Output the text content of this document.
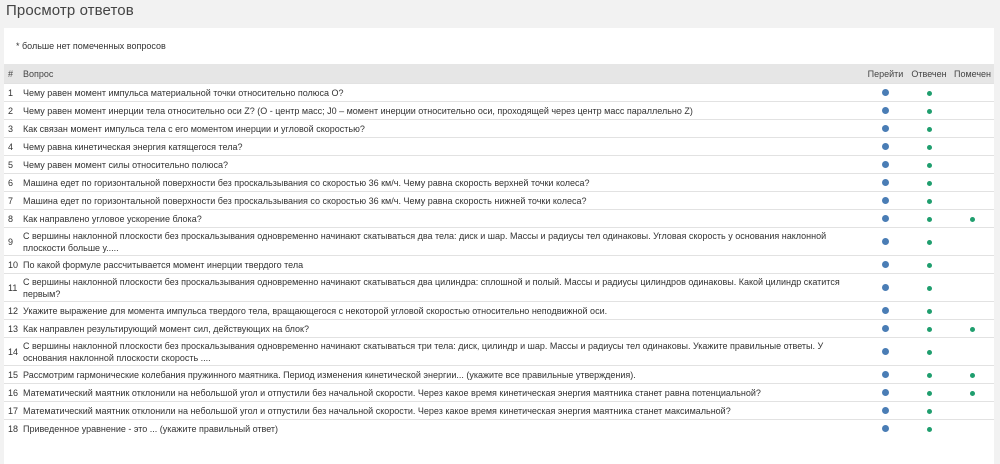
Просмотр ответов
* больше нет помеченных вопросов
#	Вопрос	Перейти	Отвечен	Помечен
1	Чему равен момент импульса материальной точки относительно полюса О?			
2	Чему равен момент инерции тела относительно оси Z? (О - центр масс; J0 – момент инерции относительно оси, проходящей через центр масс параллельно Z)			
3	Как связан момент импульса тела с его моментом инерции и угловой скоростью?			
4	Чему равна кинетическая энергия катящегося тела?			
5	Чему равен момент силы относительно полюса?			
6	Машина едет по горизонтальной поверхности без проскальзывания со скоростью 36 км/ч. Чему равна скорость верхней точки колеса?			
7	Машина едет по горизонтальной поверхности без проскальзывания со скоростью 36 км/ч. Чему равна скорость нижней точки колеса?			
8	Как направлено угловое ускорение блока?			
9	С вершины наклонной плоскости без проскальзывания одновременно начинают скатываться два тела: диск и шар. Массы и радиусы тел одинаковы. Угловая скорость у основания наклонной плоскости больше у.....			
10	По какой формуле рассчитывается момент инерции твердого тела			
11	С вершины наклонной плоскости без проскальзывания одновременно начинают скатываться два цилиндра: сплошной и полый. Массы и радиусы цилиндров одинаковы. Какой цилиндр скатится первым?			
12	Укажите выражение для момента импульса твердого тела, вращающегося с некоторой угловой скоростью относительно неподвижной оси.			
13	Как направлен результирующий момент сил, действующих на блок?			
14	С вершины наклонной плоскости без проскальзывания одновременно начинают скатываться три тела: диск, цилиндр и шар. Массы и радиусы тел одинаковы. Укажите правильные ответы. У основания наклонной плоскости скорость ....			
15	Рассмотрим гармонические колебания пружинного маятника. Период изменения кинетической энергии... (укажите все правильные утверждения).			
16	Математический маятник отклонили на небольшой угол и отпустили без начальной скорости. Через какое время кинетическая энергия маятника станет равна потенциальной?			
17	Математический маятник отклонили на небольшой угол и отпустили без начальной скорости. Через какое время кинетическая энергия маятника станет максимальной?			
18	Приведенное уравнение - это ... (укажите правильный ответ)			
